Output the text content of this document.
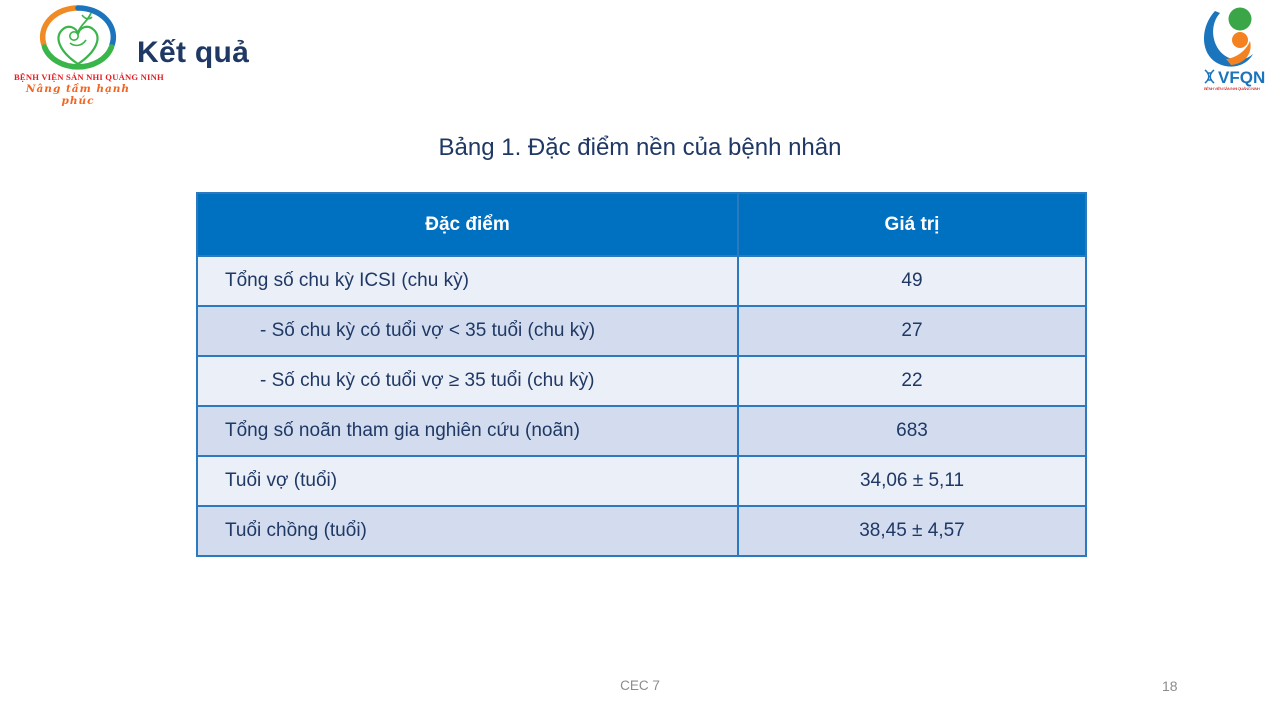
BỆNH VIỆN SẢN NHI QUẢNG NINH
Nâng tầm hạnh phúc
Kết quả
VFQN
BỆNH VIỆN SẢN NHI QUẢNG NINH
Bảng 1. Đặc điểm nền của bệnh nhân
Đặc điểm	Giá trị
Tổng số chu kỳ ICSI (chu kỳ)	49
- Số chu kỳ có tuổi vợ < 35 tuổi (chu kỳ)	27
- Số chu kỳ có tuổi vợ ≥ 35 tuổi (chu kỳ)	22
Tổng số noãn tham gia nghiên cứu (noãn)	683
Tuổi vợ (tuổi)	34,06 ± 5,11
Tuổi chồng (tuổi)	38,45 ± 4,57
CEC 7	18
